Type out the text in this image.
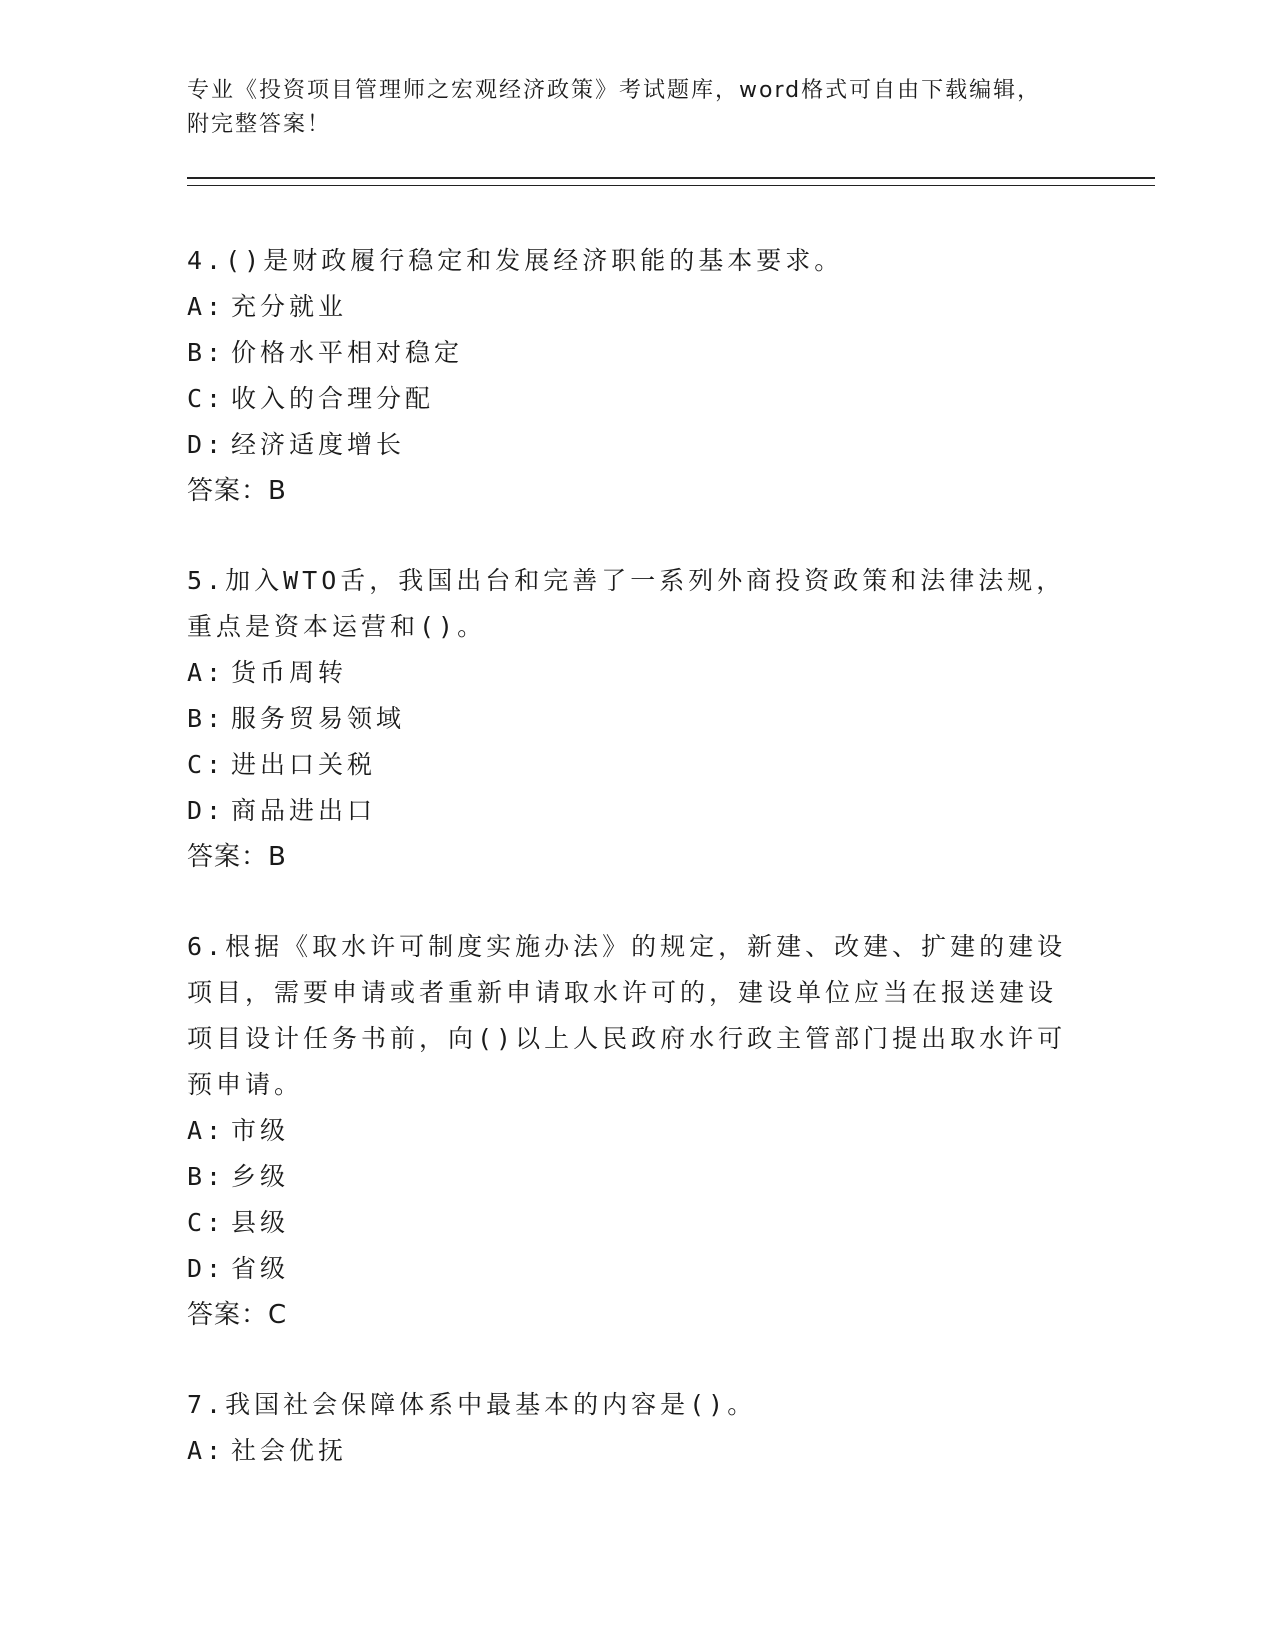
专业《投资项目管理师之宏观经济政策》考试题库，word格式可自由下载编辑，
附完整答案！
4.()是财政履行稳定和发展经济职能的基本要求。
A: 充分就业
B: 价格水平相对稳定
C: 收入的合理分配
D: 经济适度增长
答案：B
5.加入WTO舌，我国出台和完善了一系列外商投资政策和法律法规，
重点是资本运营和()。
A: 货币周转
B: 服务贸易领域
C: 进出口关税
D: 商品进出口
答案：B
6.根据《取水许可制度实施办法》的规定，新建、改建、扩建的建设
项目，需要申请或者重新申请取水许可的，建设单位应当在报送建设
项目设计任务书前，向()以上人民政府水行政主管部门提出取水许可
预申请。
A: 市级
B: 乡级
C: 县级
D: 省级
答案：C
7.我国社会保障体系中最基本的内容是()。
A: 社会优抚
